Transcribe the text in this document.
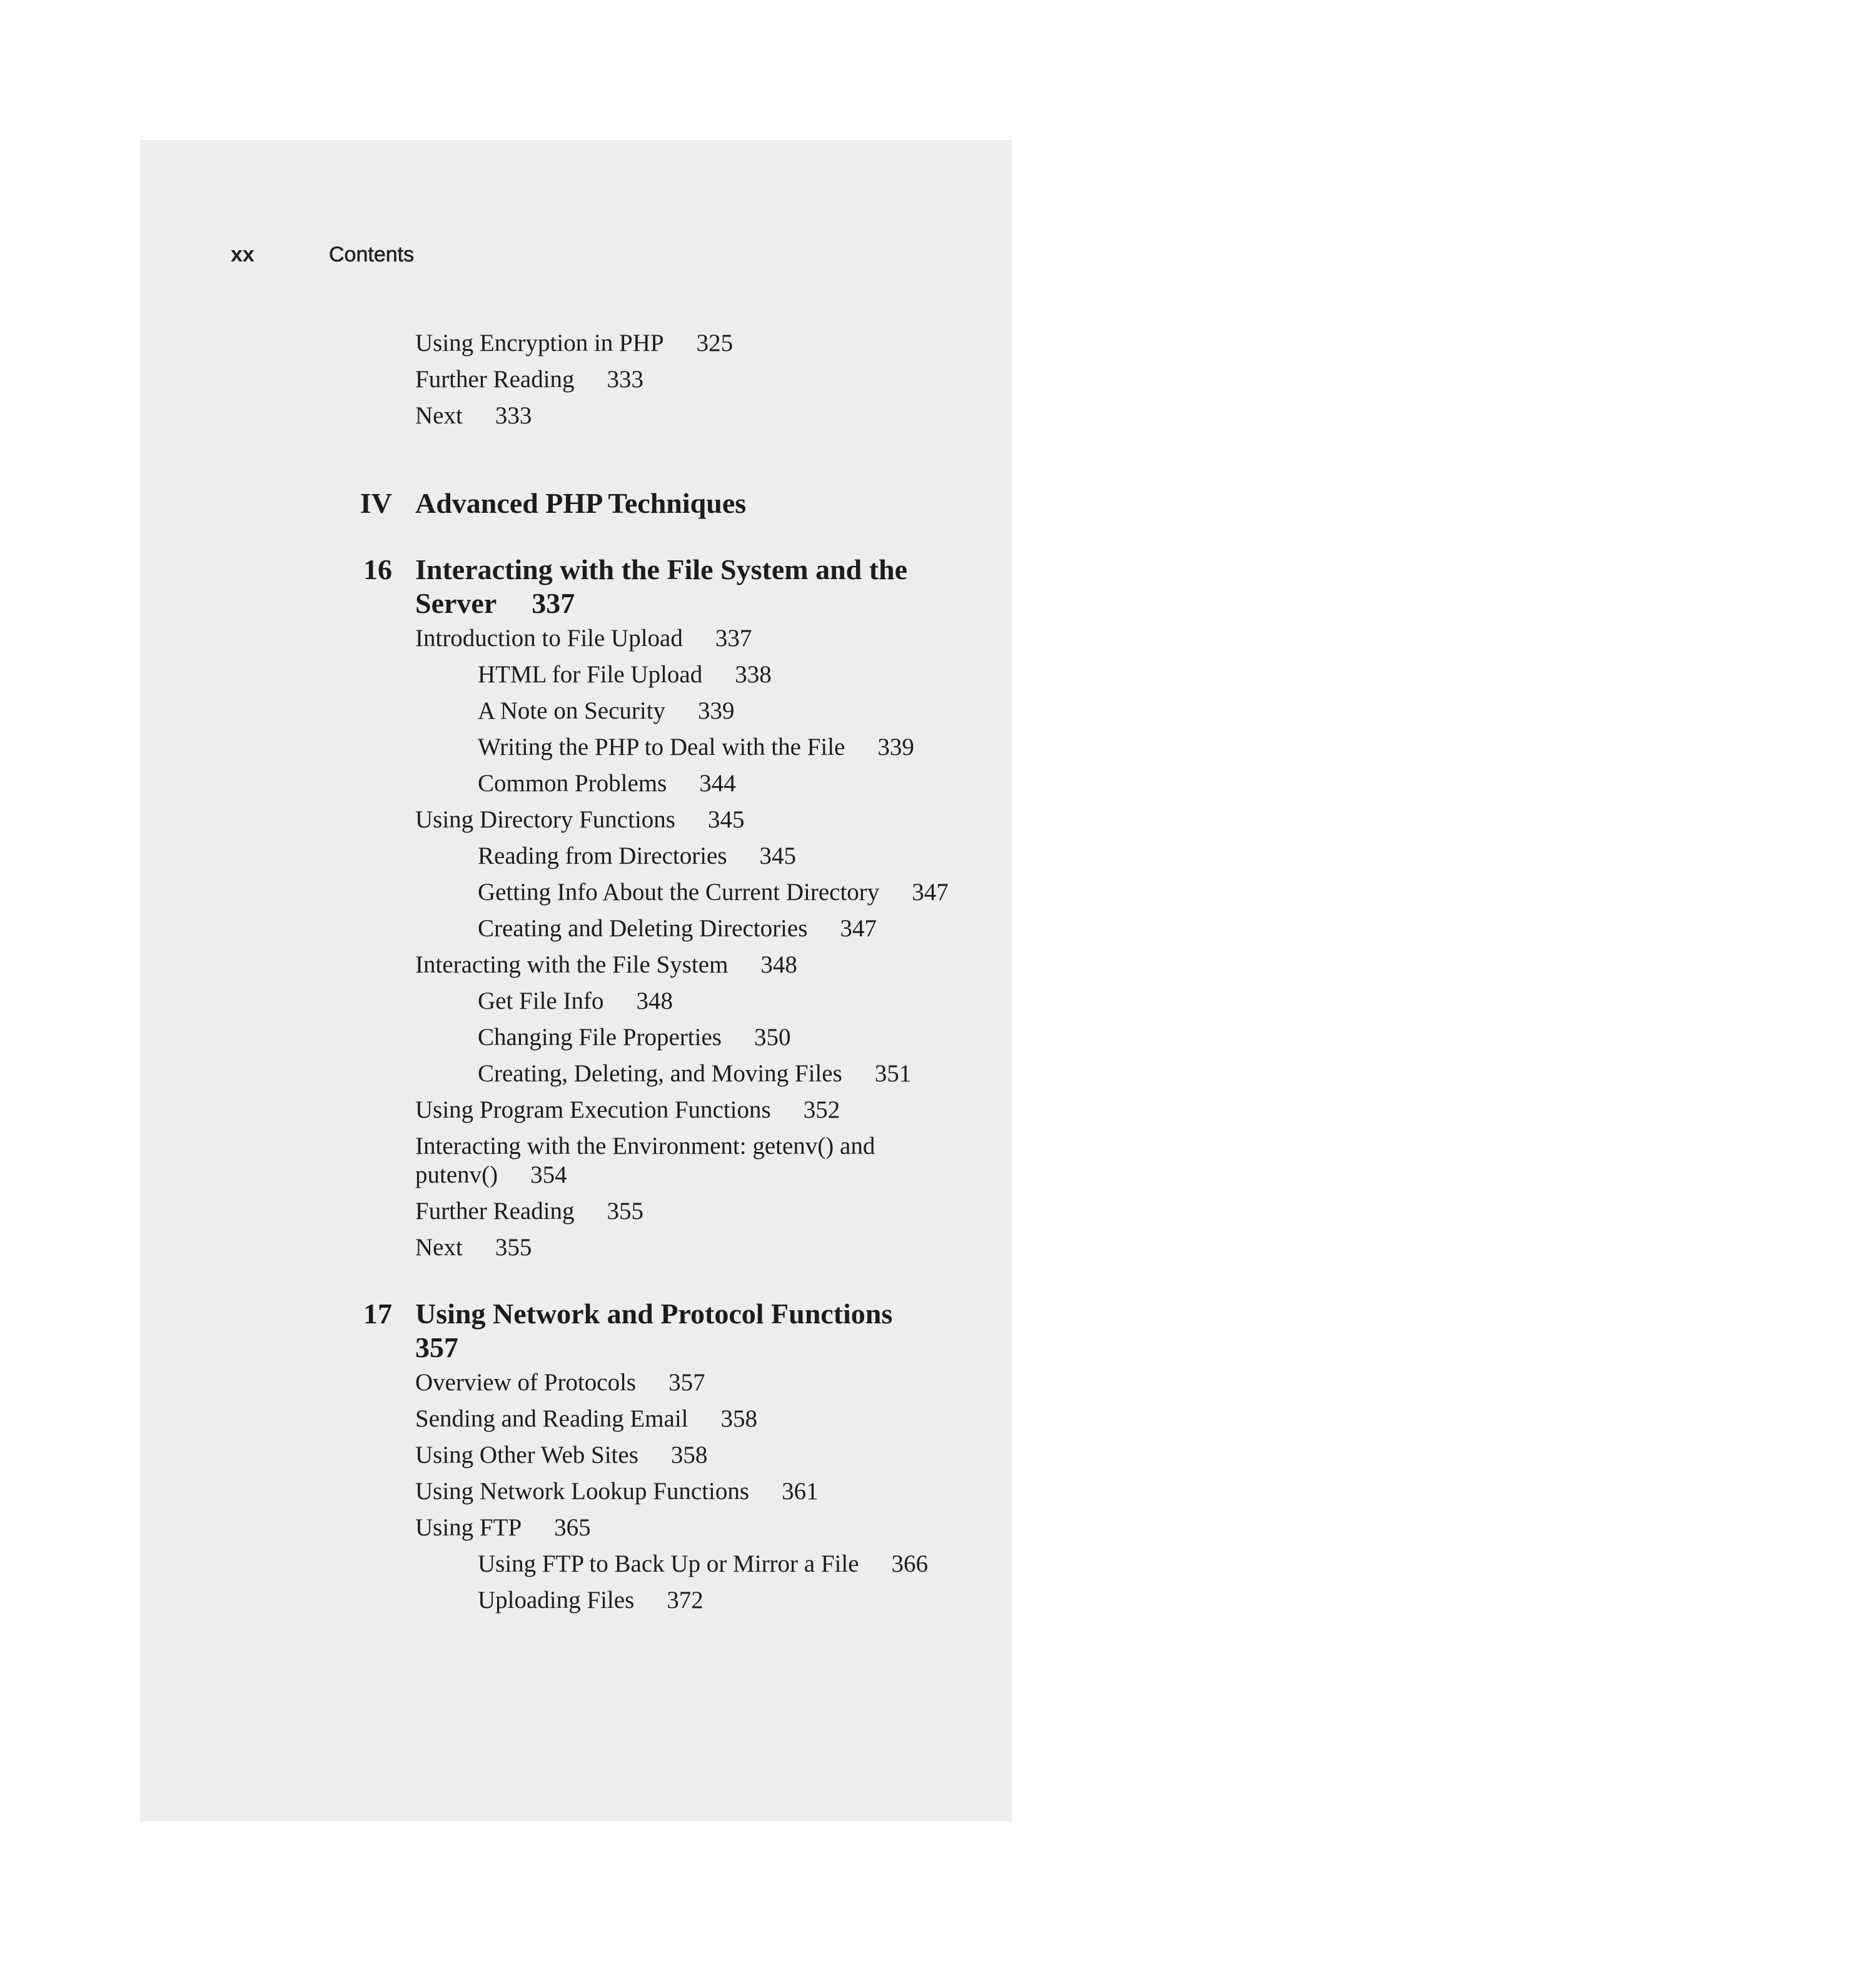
xx	Contents
Using Encryption in PHP 325
Further Reading 333
Next 333
IV Advanced PHP Techniques
16 Interacting with the File System and the
Server 337
Introduction to File Upload 337
HTML for File Upload 338
A Note on Security 339
Writing the PHP to Deal with the File 339
Common Problems 344
Using Directory Functions 345
Reading from Directories 345
Getting Info About the Current Directory 347
Creating and Deleting Directories 347
Interacting with the File System 348
Get File Info 348
Changing File Properties 350
Creating, Deleting, and Moving Files 351
Using Program Execution Functions 352
Interacting with the Environment: getenv() and
putenv() 354
Further Reading 355
Next 355
17 Using Network and Protocol Functions
357
Overview of Protocols 357
Sending and Reading Email 358
Using Other Web Sites 358
Using Network Lookup Functions 361
Using FTP 365
Using FTP to Back Up or Mirror a File 366
Uploading Files 372
